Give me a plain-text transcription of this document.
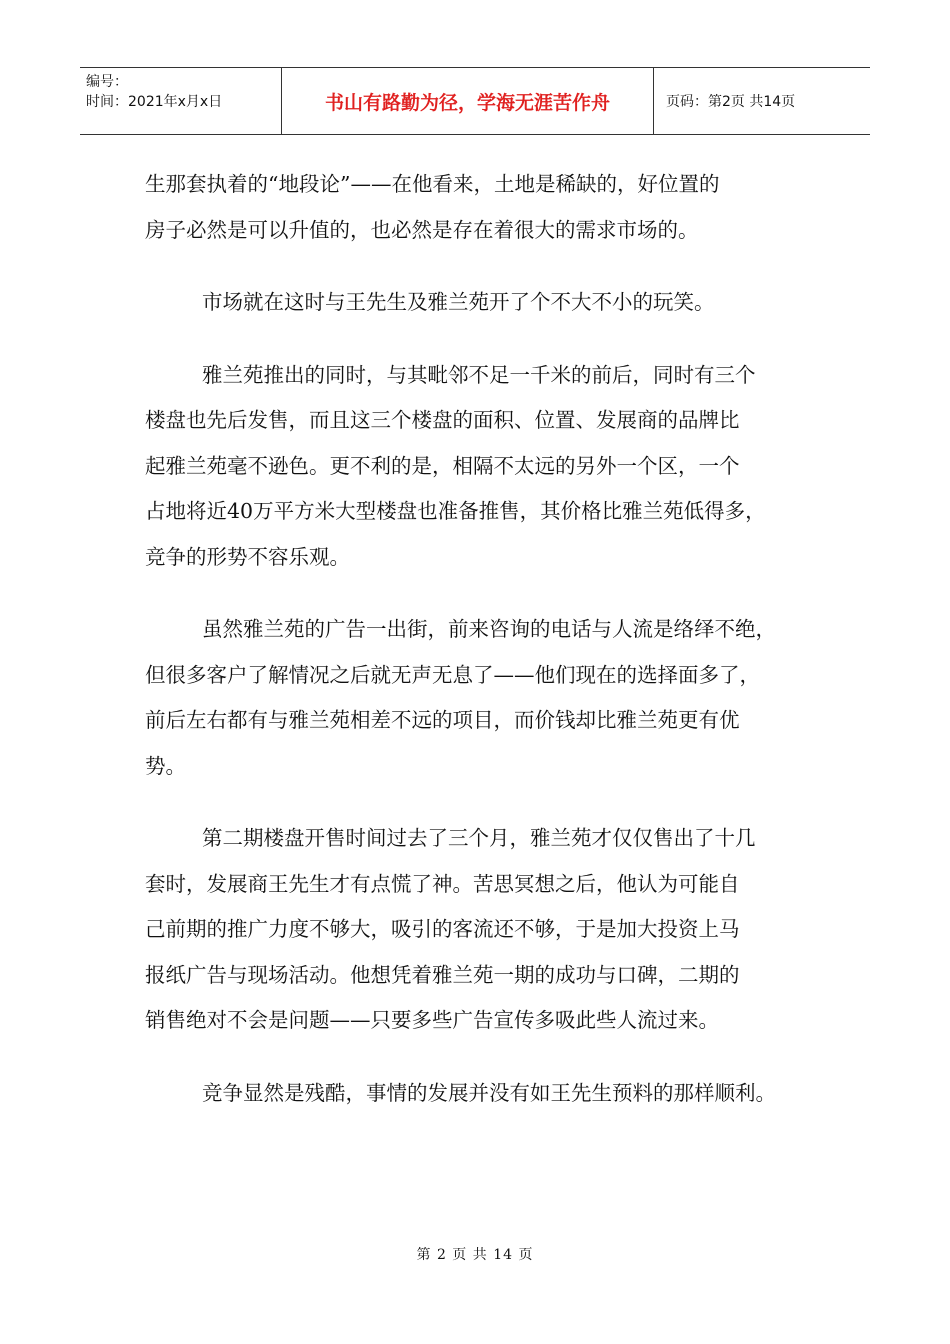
编号：
时间：2021年x月x日	书山有路勤为径，学海无涯苦作舟	页码：第2页 共14页
生那套执着的“地段论”——在他看来，土地是稀缺的，好位置的
房子必然是可以升值的，也必然是存在着很大的需求市场的。
市场就在这时与王先生及雅兰苑开了个不大不小的玩笑。
雅兰苑推出的同时，与其毗邻不足一千米的前后，同时有三个
楼盘也先后发售，而且这三个楼盘的面积、位置、发展商的品牌比
起雅兰苑毫不逊色。更不利的是，相隔不太远的另外一个区，一个
占地将近40万平方米大型楼盘也准备推售，其价格比雅兰苑低得多，
竞争的形势不容乐观。
虽然雅兰苑的广告一出街，前来咨询的电话与人流是络绎不绝，
但很多客户了解情况之后就无声无息了——他们现在的选择面多了，
前后左右都有与雅兰苑相差不远的项目，而价钱却比雅兰苑更有优
势。
第二期楼盘开售时间过去了三个月，雅兰苑才仅仅售出了十几
套时，发展商王先生才有点慌了神。苦思冥想之后，他认为可能自
己前期的推广力度不够大，吸引的客流还不够，于是加大投资上马
报纸广告与现场活动。他想凭着雅兰苑一期的成功与口碑，二期的
销售绝对不会是问题——只要多些广告宣传多吸此些人流过来。
竞争显然是残酷，事情的发展并没有如王先生预料的那样顺利。
第 2 页 共 14 页
